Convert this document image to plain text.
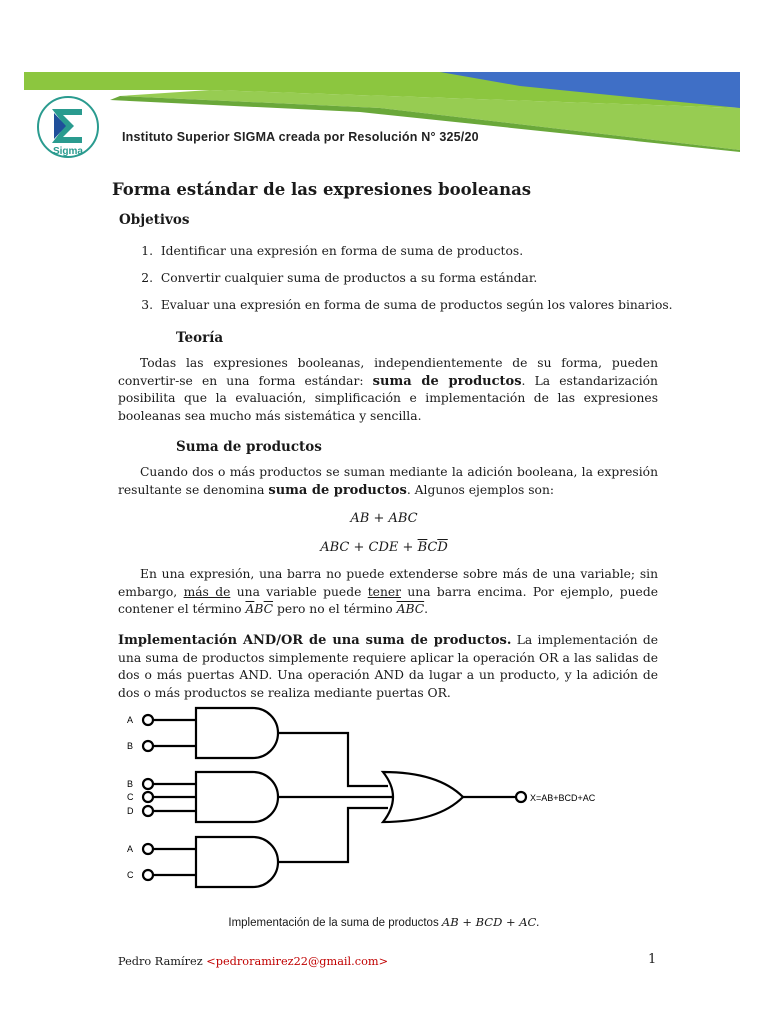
Sigma
Instituto Superior SIGMA creada por Resolución N° 325/20
Forma estándar de las expresiones booleanas
Objetivos
1. Identificar una expresión en forma de suma de productos.
2. Convertir cualquier suma de productos a su forma estándar.
3. Evaluar una expresión en forma de suma de productos según los valores binarios.
Teoría
Todas las expresiones booleanas, independientemente de su forma, pueden convertir-se en una forma estándar: suma de productos. La estandarización posibilita que la evaluación, simplificación e implementación de las expresiones booleanas sea mucho más sistemática y sencilla.
Suma de productos
Cuando dos o más productos se suman mediante la adición booleana, la expresión resultante se denomina suma de productos. Algunos ejemplos son:
AB + ABC
ABC + CDE + $\overline{B}C\overline{D}$
En una expresión, una barra no puede extenderse sobre más de una variable; sin embargo, más de una variable puede tener una barra encima. Por ejemplo, puede contener el término $\overline{A}B\overline{C}$ pero no el término $\overline{ABC}$.
Implementación AND/OR de una suma de productos. La implementación de una suma de productos simplemente requiere aplicar la operación OR a las salidas de dos o más puertas AND. Una operación AND da lugar a un producto, y la adición de dos o más productos se realiza mediante puertas OR.
A
B
B
C
D
A
C
X=AB+BCD+AC
Implementación de la suma de productos AB + BCD + AC.
Pedro Ramírez <pedroramirez22@gmail.com>	1
